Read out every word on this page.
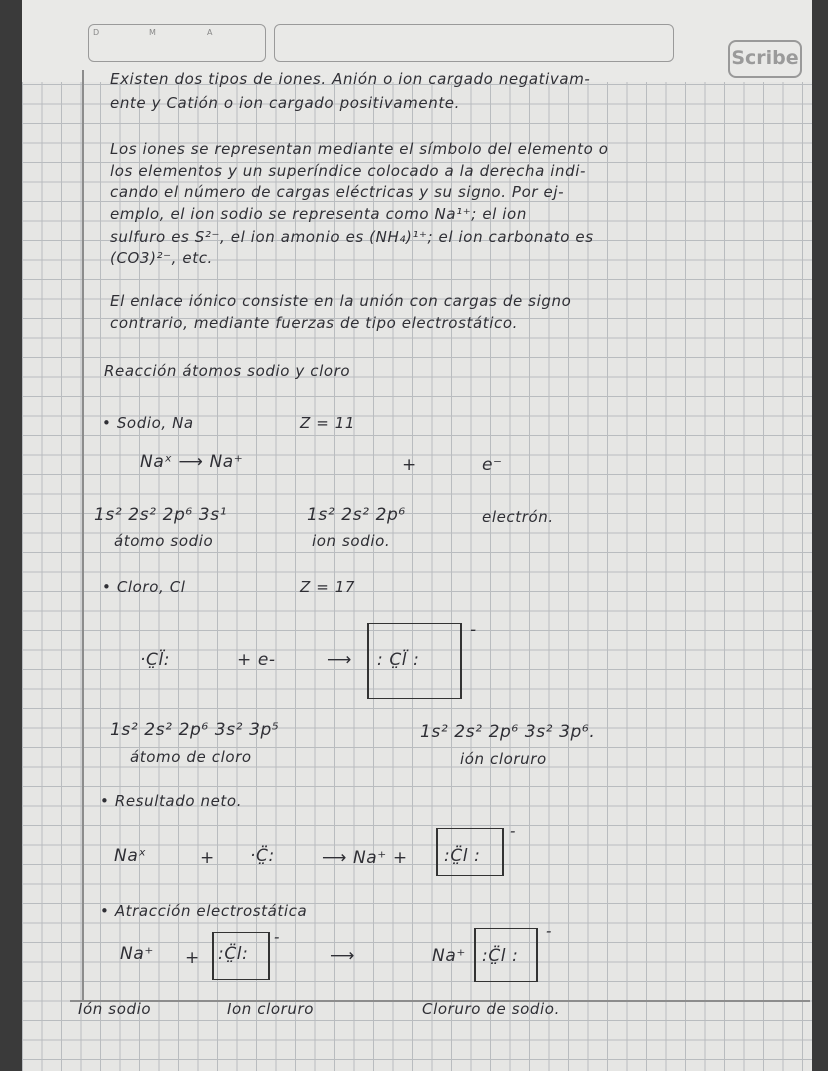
D	M	A
Scribe
Existen dos tipos de iones. Anión o ion cargado negativam-
ente y Catión o ion cargado positivamente.
Los iones se representan mediante el símbolo del elemento o
los elementos y un superíndice colocado a la derecha indi-
cando el número de cargas eléctricas y su signo. Por ej-
emplo, el ion sodio se representa como Na¹⁺; el ion
sulfuro es S²⁻, el ion amonio es (NH₄)¹⁺; el ion carbonato es
(CO3)²⁻, etc.
El enlace iónico consiste en la unión con cargas de signo
contrario, mediante fuerzas de tipo electrostático.
Reacción átomos sodio y cloro
• Sodio, Na	Z = 11
Naˣ ⟶ Na⁺	+	e⁻
1s² 2s² 2p⁶ 3s¹	1s² 2s² 2p⁶	electrón.
átomo sodio	ion sodio.
• Cloro, Cl	Z = 17
·C̤l̈:	+ e-	⟶ : C̤l̈ :
-
1s² 2s² 2p⁶ 3s² 3p⁵	1s² 2s² 2p⁶ 3s² 3p⁶.
átomo de cloro	ión cloruro
• Resultado neto.
Naˣ	+ ·C̤̈:	⟶ Na⁺ + :C̤̈l :
-
• Atracción electrostática
Na⁺ + :C̤̈l:
-
⟶	Na⁺ :C̤̈l :
-
Ión sodio	Ion cloruro	Cloruro de sodio.
